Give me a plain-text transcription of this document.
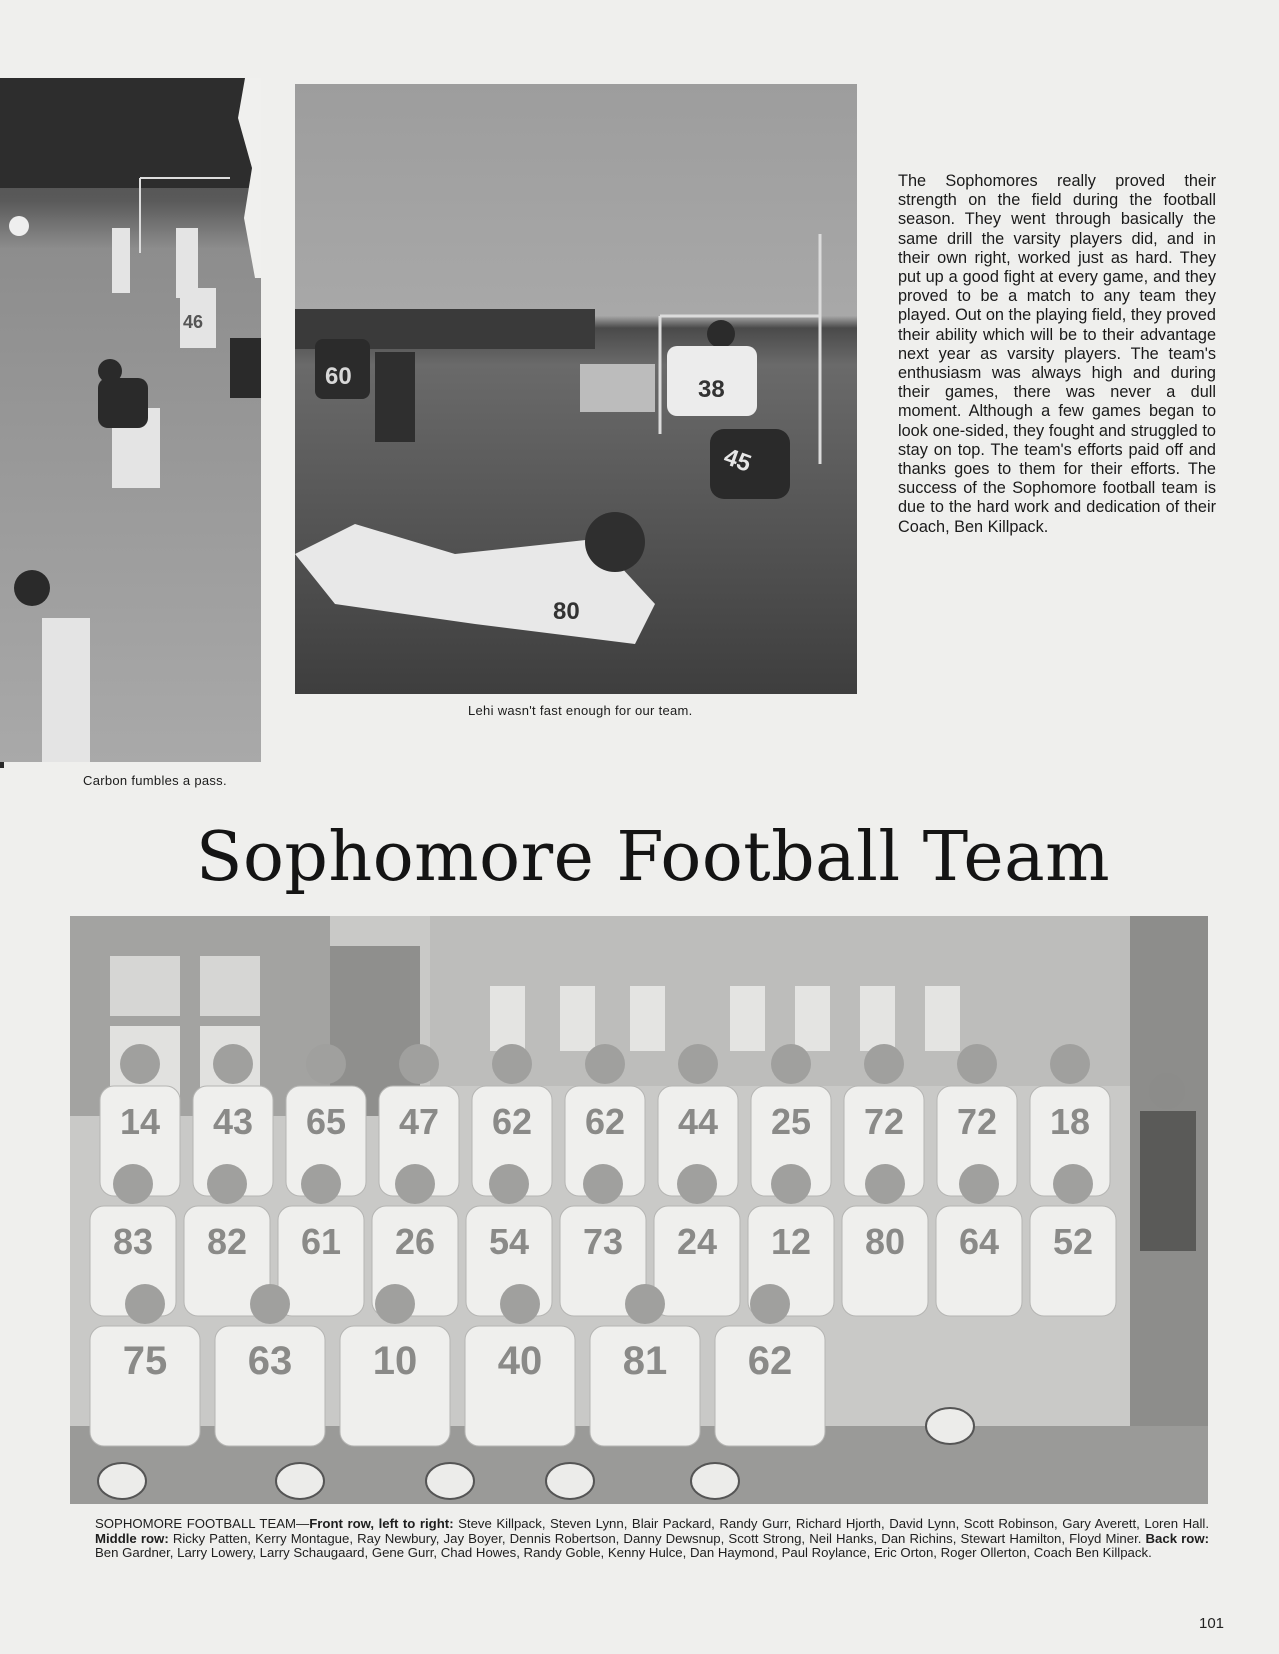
46
60	38
45
80
Carbon fumbles a pass.
Lehi wasn't fast enough for our team.
The Sophomores really proved their strength on the field during the football season. They went through basically the same drill the varsity players did, and in their own right, worked just as hard. They put up a good fight at every game, and they proved to be a match to any team they played. Out on the playing field, they proved their ability which will be to their advantage next year as varsity players. The team's enthusiasm was always high and during their games, there was never a dull moment. Although a few games began to look one-sided, they fought and struggled to stay on top. The team's efforts paid off and thanks goes to them for their efforts. The success of the Sophomore football team is due to the hard work and dedication of their Coach, Ben Killpack.
Sophomore Football Team
14 43 65 47 62 62 44 25 72 72 18
83 82 61 26 54 73 24 12 80 64 52
75 63 10 40 81 62
SOPHOMORE FOOTBALL TEAM—Front row, left to right: Steve Killpack, Steven Lynn, Blair Packard, Randy Gurr, Richard Hjorth, David Lynn, Scott Robinson, Gary Averett, Loren Hall. Middle row: Ricky Patten, Kerry Montague, Ray Newbury, Jay Boyer, Dennis Robertson, Danny Dewsnup, Scott Strong, Neil Hanks, Dan Richins, Stewart Hamilton, Floyd Miner. Back row: Ben Gardner, Larry Lowery, Larry Schaugaard, Gene Gurr, Chad Howes, Randy Goble, Kenny Hulce, Dan Haymond, Paul Roylance, Eric Orton, Roger Ollerton, Coach Ben Killpack.
101
